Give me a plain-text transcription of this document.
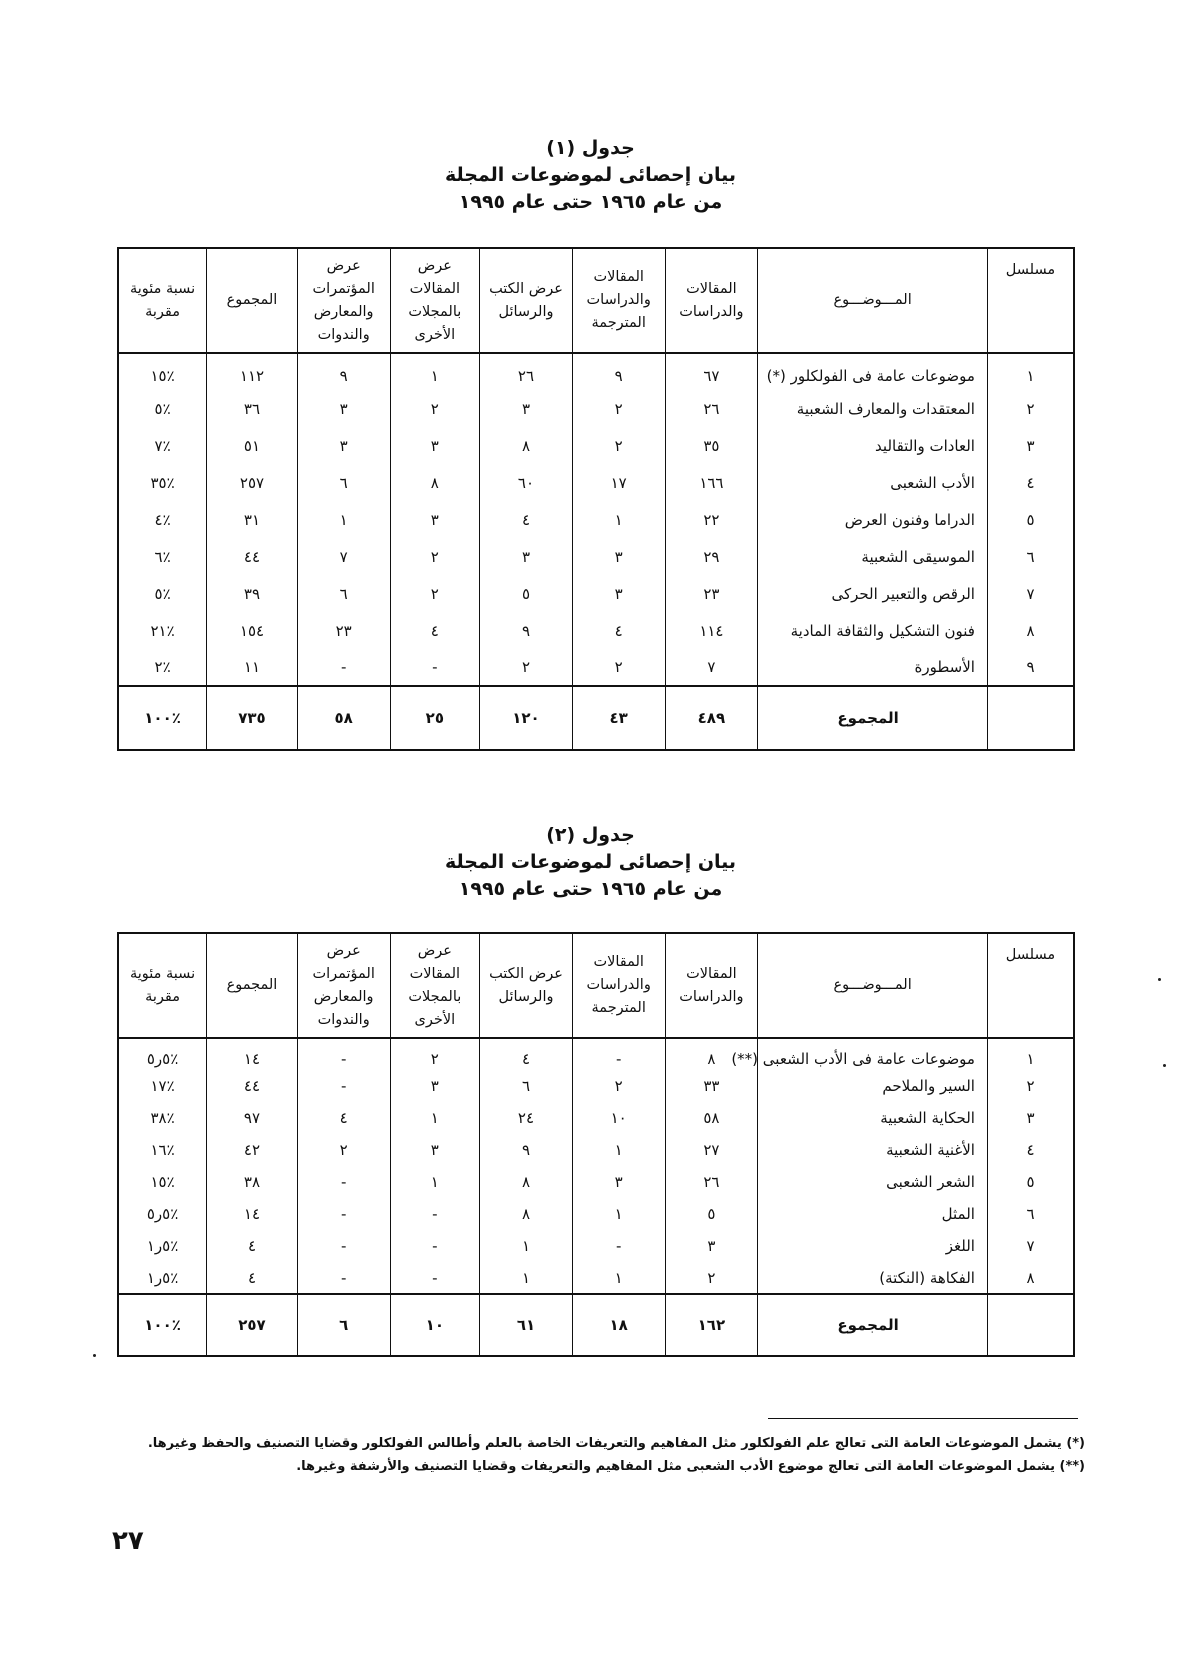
جدول (١)
بيان إحصائى لموضوعات المجلة
من عام ١٩٦٥ حتى عام ١٩٩٥
مسلسل	المـــوضـــوع	المقالات والدراسات	المقالات والدراسات المترجمة	عرض الكتب والرسائل	عرض المقالات بالمجلات الأخرى	عرض المؤتمرات والمعارض والندوات	المجموع	نسبة مئوية مقربة
١	موضوعات عامة فى الفولكلور (*)	٦٧	٩	٢٦	١	٩	١١٢	٪١٥
٢	المعتقدات والمعارف الشعبية	٢٦	٢	٣	٢	٣	٣٦	٪٥
٣	العادات والتقاليد	٣٥	٢	٨	٣	٣	٥١	٪٧
٤	الأدب الشعبى	١٦٦	١٧	٦٠	٨	٦	٢٥٧	٪٣٥
٥	الدراما وفنون العرض	٢٢	١	٤	٣	١	٣١	٪٤
٦	الموسيقى الشعبية	٢٩	٣	٣	٢	٧	٤٤	٪٦
٧	الرقص والتعبير الحركى	٢٣	٣	٥	٢	٦	٣٩	٪٥
٨	فنون التشكيل والثقافة المادية	١١٤	٤	٩	٤	٢٣	١٥٤	٪٢١
٩	الأسطورة	٧	٢	٢	-	-	١١	٪٢
	المجموع	٤٨٩	٤٣	١٢٠	٢٥	٥٨	٧٣٥	٪١٠٠
جدول (٢)
بيان إحصائى لموضوعات المجلة
من عام ١٩٦٥ حتى عام ١٩٩٥
مسلسل	المـــوضـــوع	المقالات والدراسات	المقالات والدراسات المترجمة	عرض الكتب والرسائل	عرض المقالات بالمجلات الأخرى	عرض المؤتمرات والمعارض والندوات	المجموع	نسبة مئوية مقربة
١	موضوعات عامة فى الأدب الشعبى (**)	٨	-	٤	٢	-	١٤	٪٥ر٥
٢	السير والملاحم	٣٣	٢	٦	٣	-	٤٤	٪١٧
٣	الحكاية الشعبية	٥٨	١٠	٢٤	١	٤	٩٧	٪٣٨
٤	الأغنية الشعبية	٢٧	١	٩	٣	٢	٤٢	٪١٦
٥	الشعر الشعبى	٢٦	٣	٨	١	-	٣٨	٪١٥
٦	المثل	٥	١	٨	-	-	١٤	٪٥ر٥
٧	اللغز	٣	-	١	-	-	٤	٪٥ر١
٨	الفكاهة (النكتة)	٢	١	١	-	-	٤	٪٥ر١
	المجموع	١٦٢	١٨	٦١	١٠	٦	٢٥٧	٪١٠٠
(*) يشمل الموضوعات العامة التى تعالج علم الفولكلور مثل المفاهيم والتعريفات الخاصة بالعلم وأطالس الفولكلور وقضايا التصنيف والحفظ وغيرها.
(**) يشمل الموضوعات العامة التى تعالج موضوع الأدب الشعبى مثل المفاهيم والتعريفات وقضايا التصنيف والأرشفة وغيرها.
٢٧
